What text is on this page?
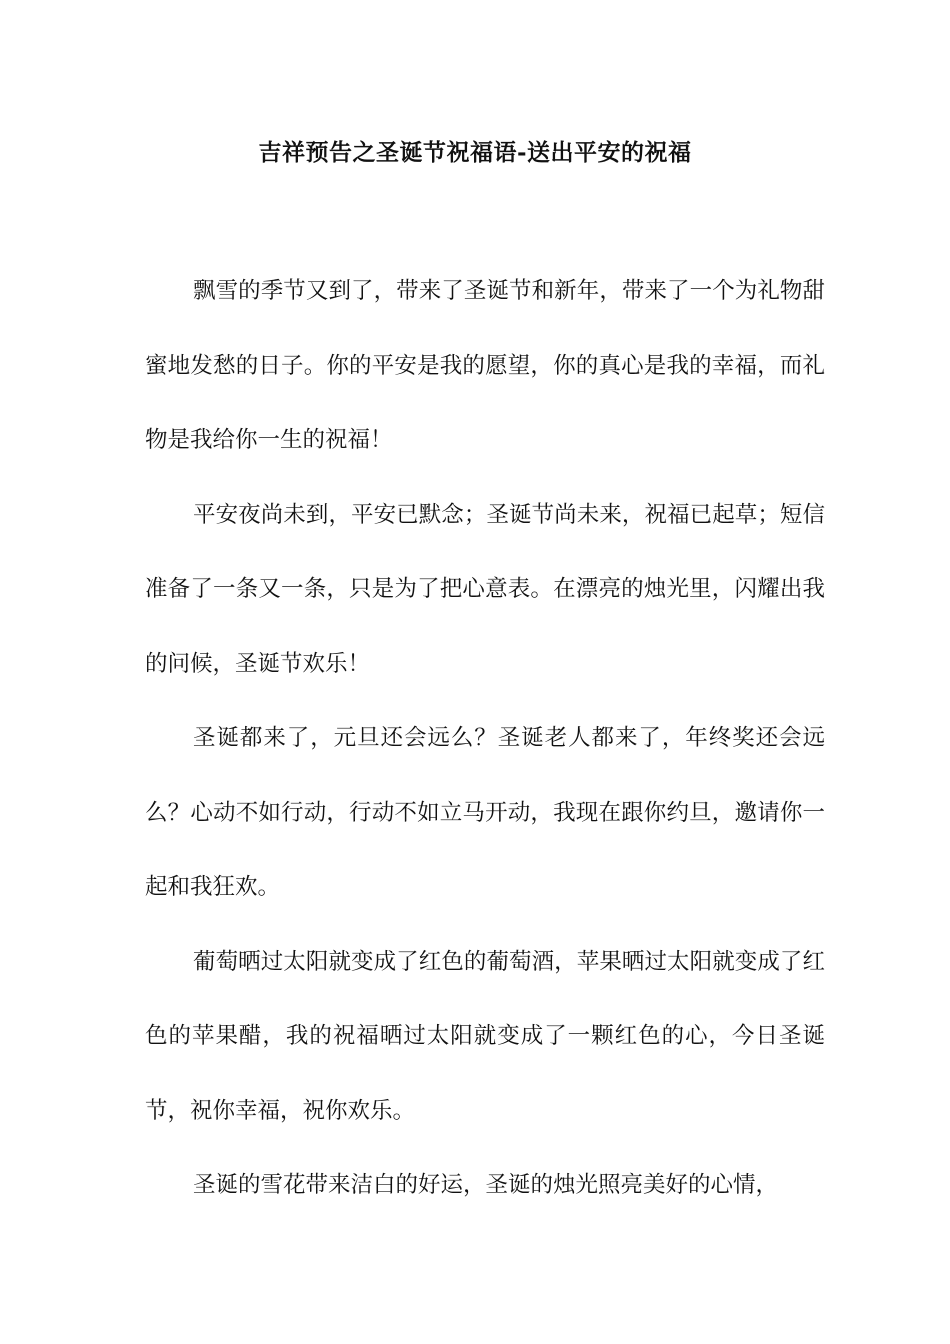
吉祥预告之圣诞节祝福语-送出平安的祝福

飘雪的季节又到了，带来了圣诞节和新年，带来了一个为礼物甜蜜地发愁的日子。你的平安是我的愿望，你的真心是我的幸福，而礼物是我给你一生的祝福！

平安夜尚未到，平安已默念；圣诞节尚未来，祝福已起草；短信准备了一条又一条，只是为了把心意表。在漂亮的烛光里，闪耀出我的问候，圣诞节欢乐！

圣诞都来了，元旦还会远么？圣诞老人都来了，年终奖还会远么？心动不如行动，行动不如立马开动，我现在跟你约旦，邀请你一起和我狂欢。

葡萄晒过太阳就变成了红色的葡萄酒，苹果晒过太阳就变成了红色的苹果醋，我的祝福晒过太阳就变成了一颗红色的心，今日圣诞节，祝你幸福，祝你欢乐。

圣诞的雪花带来洁白的好运，圣诞的烛光照亮美好的心情，
